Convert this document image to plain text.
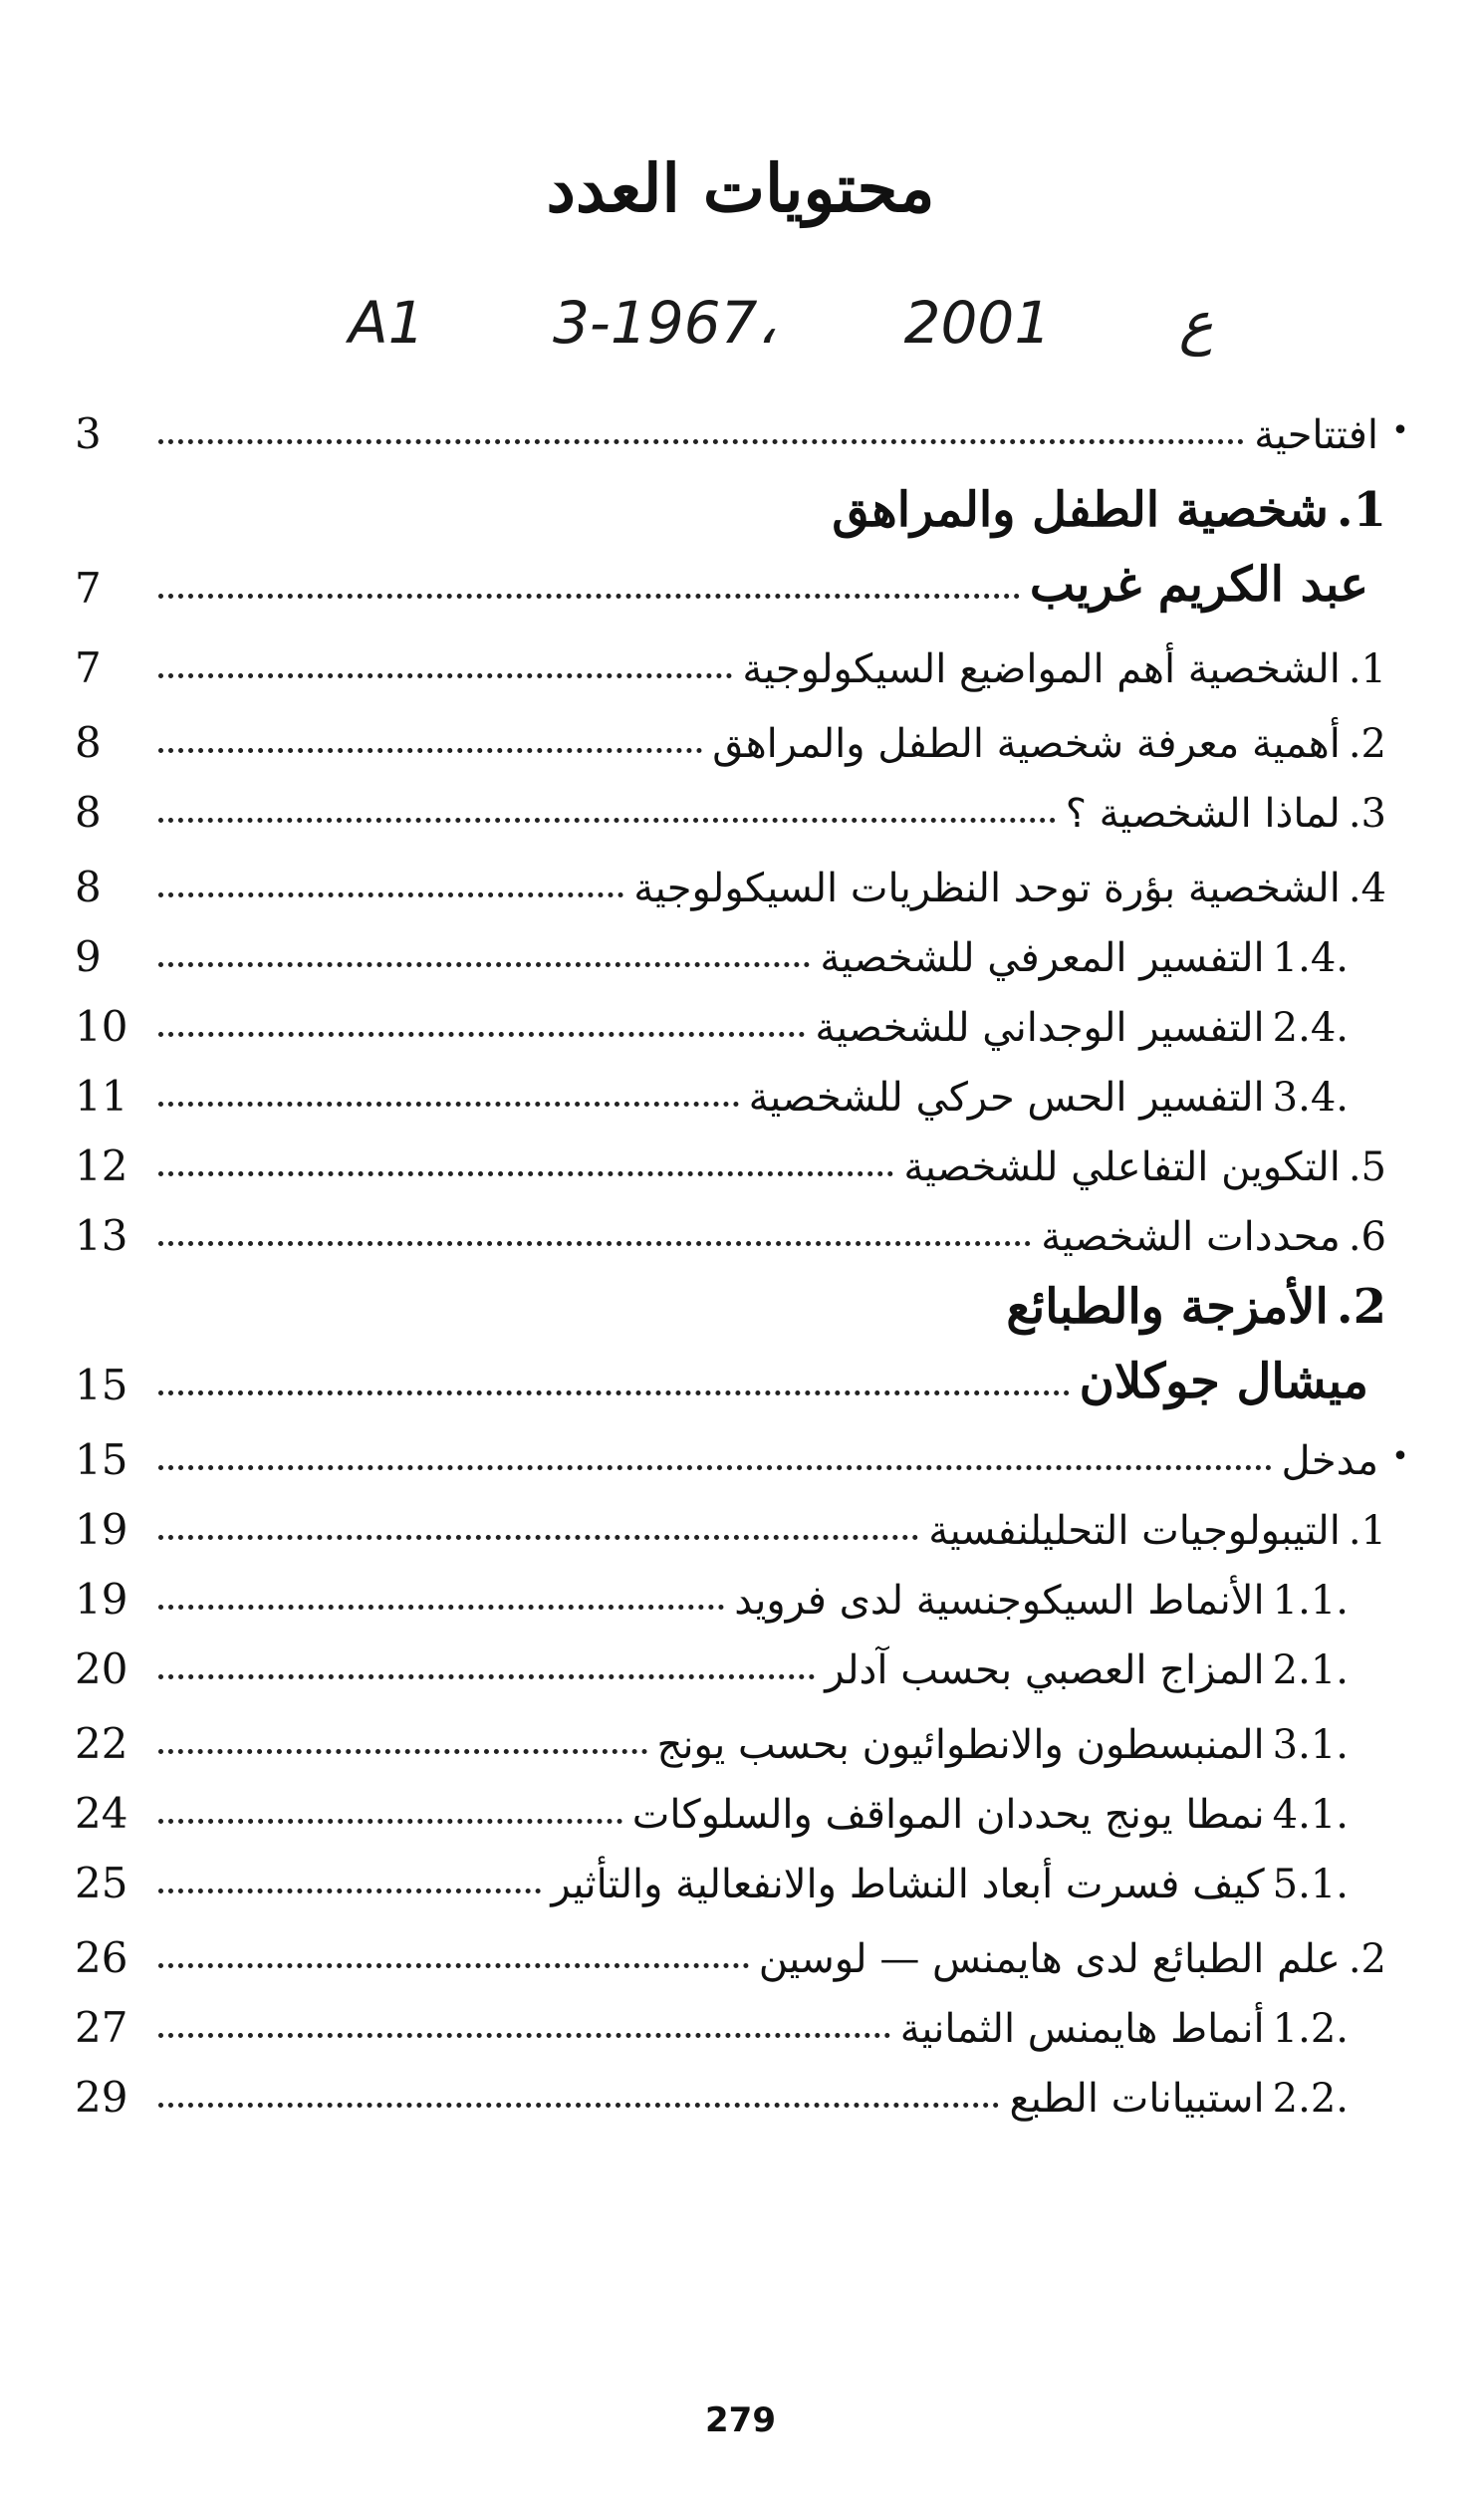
محتويات العدد
A1 3-ع 2001 ،1967
•
افتتاحية
3
.1
شخصية الطفل والمراهق
عبد الكريم غريب
7
.1
الشخصية أهم المواضيع السيكولوجية
7
.2
أهمية معرفة شخصية الطفل والمراهق
8
.3
لماذا الشخصية ؟
8
.4
الشخصية بؤرة توحد النظريات السيكولوجية
8
1.4.
التفسير المعرفي للشخصية
9
2.4.
التفسير الوجداني للشخصية
10
3.4.
التفسير الحس حركي للشخصية
11
.5
التكوين التفاعلي للشخصية
12
.6
محددات الشخصية
13
.2
الأمزجة والطبائع
ميشال جوكلان
15
•
مدخل
15
.1
التيبولوجيات التحليلنفسية
19
1.1.
الأنماط السيكوجنسية لدى فرويد
19
2.1.
المزاج العصبي بحسب آدلر
20
3.1.
المنبسطون والانطوائيون بحسب يونج
22
4.1.
نمطا يونج يحددان المواقف والسلوكات
24
5.1.
كيف فسرت أبعاد النشاط والانفعالية والتأثير
25
.2
علم الطبائع لدى هايمنس — لوسين
26
1.2.
أنماط هايمنس الثمانية
27
2.2.
استبيانات الطبع
29
279
